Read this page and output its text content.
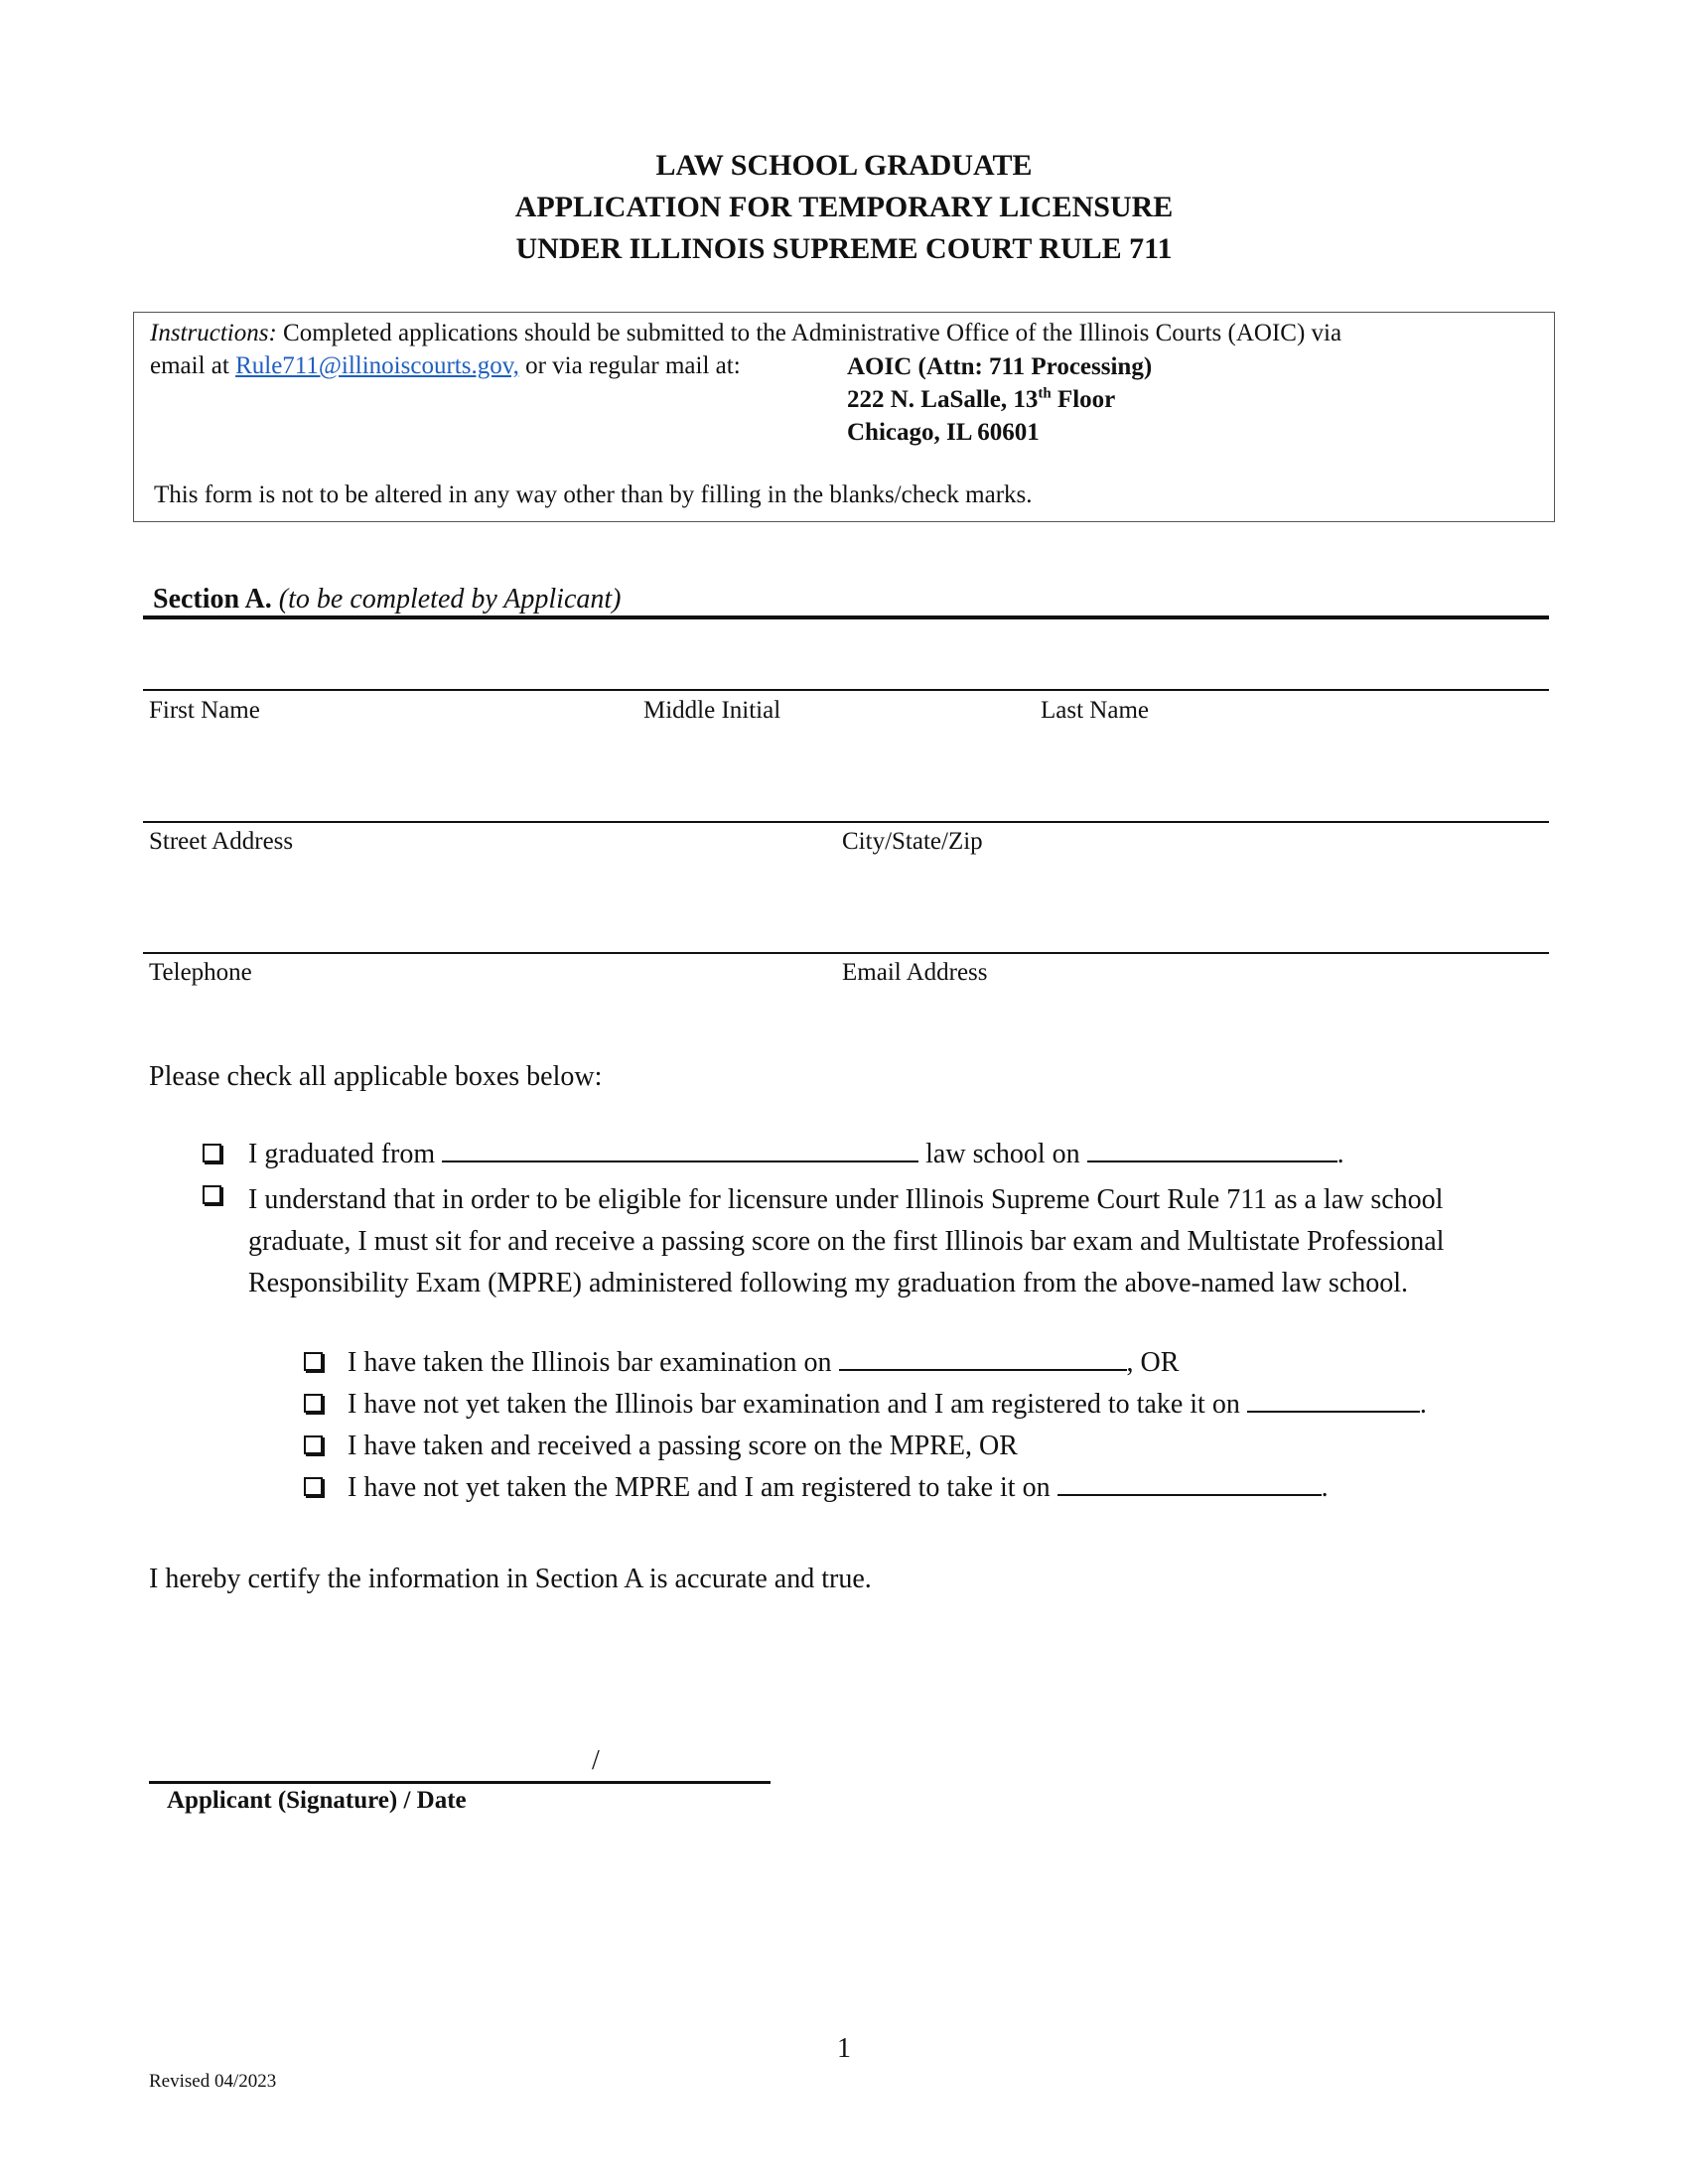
LAW SCHOOL GRADUATE
APPLICATION FOR TEMPORARY LICENSURE
UNDER ILLINOIS SUPREME COURT RULE 711
Instructions: Completed applications should be submitted to the Administrative Office of the Illinois Courts (AOIC) via
email at Rule711@illinoiscourts.gov, or via regular mail at:	AOIC (Attn: 711 Processing)
222 N. LaSalle, 13th Floor
Chicago, IL 60601
This form is not to be altered in any way other than by filling in the blanks/check marks.
Section A. (to be completed by Applicant)
First Name	Middle Initial	Last Name
Street Address	City/State/Zip
Telephone	Email Address
Please check all applicable boxes below:
I graduated from	law school on	.
I understand that in order to be eligible for licensure under Illinois Supreme Court Rule 711 as a law school graduate, I must sit for and receive a passing score on the first Illinois bar exam and Multistate Professional Responsibility Exam (MPRE) administered following my graduation from the above-named law school.
I have taken the Illinois bar examination on	, OR
I have not yet taken the Illinois bar examination and I am registered to take it on	.
I have taken and received a passing score on the MPRE, OR
I have not yet taken the MPRE and I am registered to take it on	.
I hereby certify the information in Section A is accurate and true.
/
Applicant (Signature) / Date
1
Revised 04/2023
